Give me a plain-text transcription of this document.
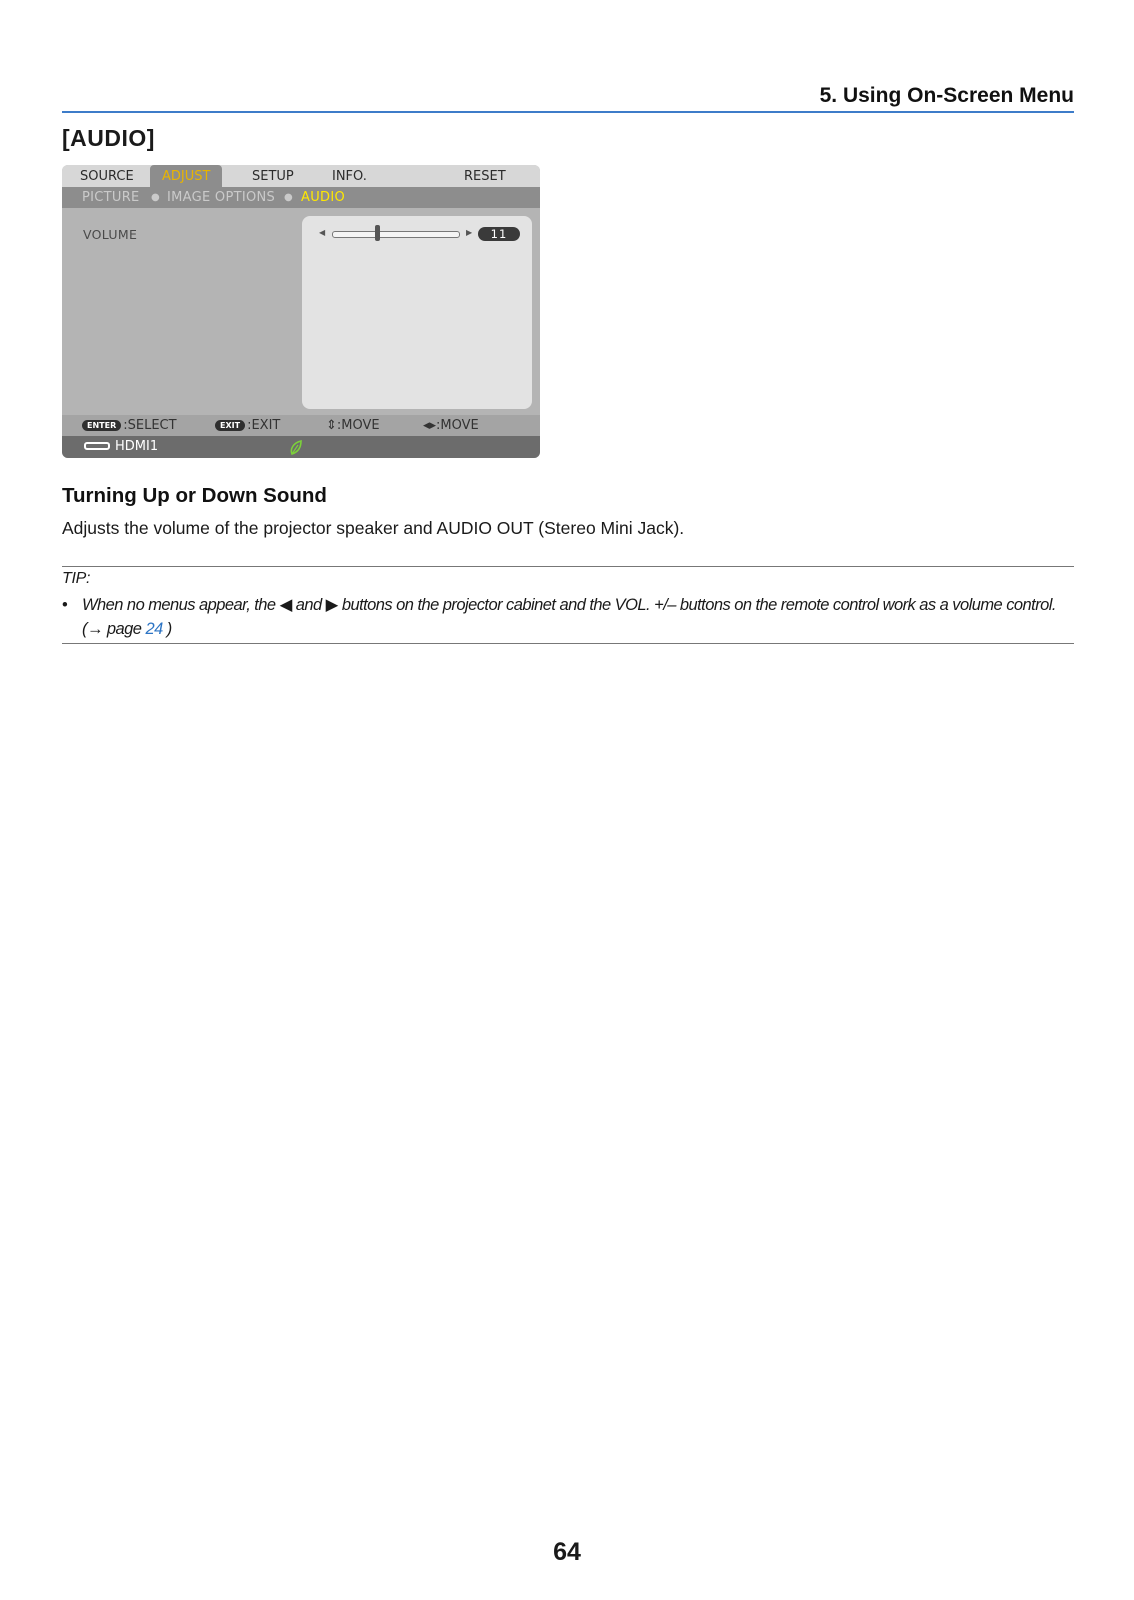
5. Using On-Screen Menu
[AUDIO]
SOURCE	ADJUST	SETUP	INFO.	RESET
PICTURE ● IMAGE OPTIONS ● AUDIO
VOLUME	◀	▶	11
ENTER :SELECT	EXIT :EXIT	⇕:MOVE	◂▸:MOVE
HDMI1
Turning Up or Down Sound
Adjusts the volume of the projector speaker and AUDIO OUT (Stereo Mini Jack).
TIP:
• When no menus appear, the ◀ and ▶ buttons on the projector cabinet and the VOL. +/– buttons on the remote control work as a volume control. (→ page 24 )
64
